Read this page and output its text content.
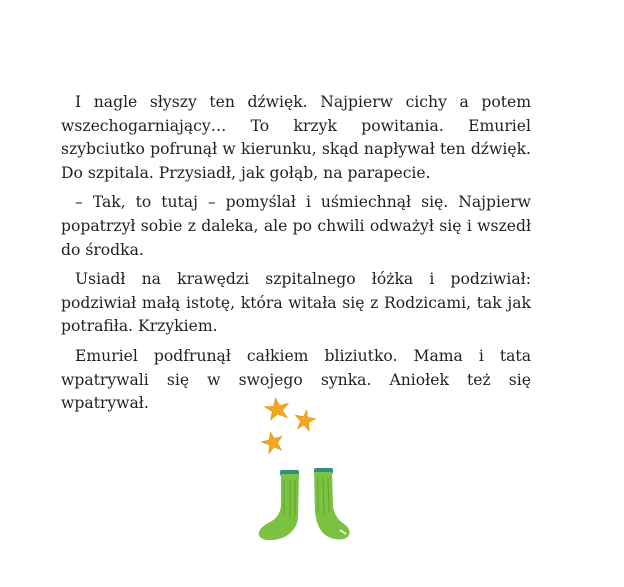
I nagle słyszy ten dźwięk. Najpierw cichy a potem wszechogarniający… To krzyk powitania. Emuriel szybciutko pofrunął w kierunku, skąd napływał ten dźwięk. Do szpitala. Przysiadł, jak gołąb, na parapecie.

– Tak, to tutaj – pomyślał i uśmiechnął się. Najpierw popatrzył sobie z daleka, ale po chwili odważył się i wszedł do środka.

Usiadł na krawędzi szpitalnego łóżka i podziwiał: podziwiał małą istotę, która witała się z Rodzicami, tak jak potrafiła. Krzykiem.

Emuriel podfrunął całkiem bliziutko. Mama i tata wpatrywali się w swojego synka. Aniołek też się wpatrywał.
